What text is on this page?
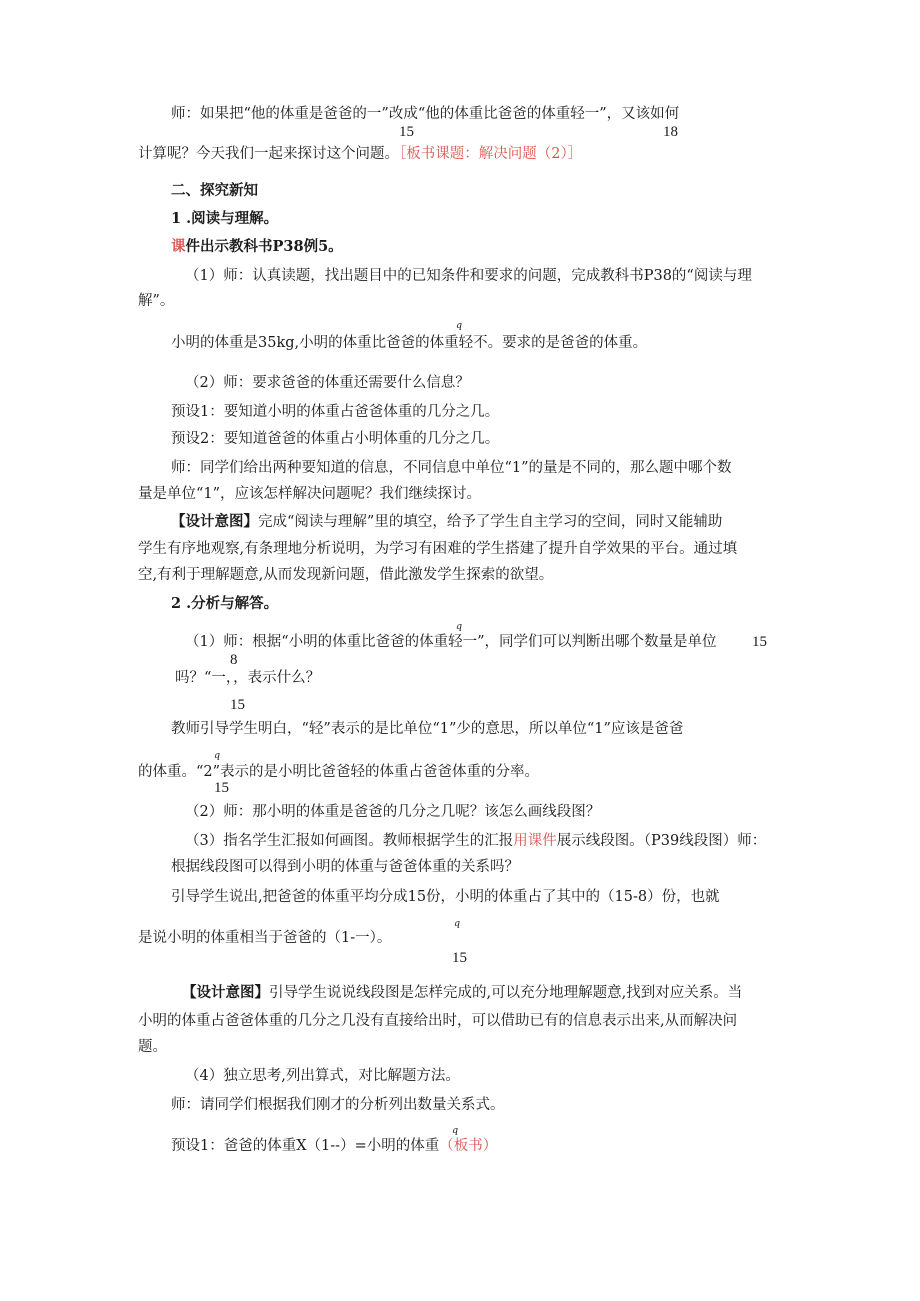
师：如果把“他的体重是爸爸的一”改成“他的体重比爸爸的体重轻一”，又该如何
15	18
计算呢？今天我们一起来探讨这个问题。［板书课题：解决问题（2）］
二、探究新知
1 .阅读与理解。
课件出示教科书P38例5。
（1）师：认真读题，找出题目中的已知条件和要求的问题，完成教科书P38的“阅读与理
解”。
q
小明的体重是35kg,小明的体重比爸爸的体重轻不。要求的是爸爸的体重。
（2）师：要求爸爸的体重还需要什么信息？
预设1：要知道小明的体重占爸爸体重的几分之几。
预设2：要知道爸爸的体重占小明体重的几分之几。
师：同学们给出两种要知道的信息，不同信息中单位“1”的量是不同的，那么题中哪个数
量是单位“1”，应该怎样解决问题呢？我们继续探讨。
【设计意图】完成“阅读与理解”里的填空，给予了学生自主学习的空间，同时又能辅助
学生有序地观察,有条理地分析说明，为学习有困难的学生搭建了提升自学效果的平台。通过填
空,有利于理解题意,从而发现新问题，借此激发学生探索的欲望。
2 .分析与解答。
q
（1）师：根据“小明的体重比爸爸的体重轻一”，同学们可以判断出哪个数量是单位 15
8
吗？“一，，表示什么？
15
教师引导学生明白，“轻”表示的是比单位“1”少的意思，所以单位“1”应该是爸爸
q
的体重。“2”表示的是小明比爸爸轻的体重占爸爸体重的分率。
15
（2）师：那小明的体重是爸爸的几分之几呢？该怎么画线段图？
（3）指名学生汇报如何画图。教师根据学生的汇报用课件展示线段图。（P39线段图）师：
根据线段图可以得到小明的体重与爸爸体重的关系吗？
引导学生说出,把爸爸的体重平均分成15份，小明的体重占了其中的（15-8）份，也就
q
是说小明的体重相当于爸爸的（1-一）。
15
【设计意图】引导学生说说线段图是怎样完成的,可以充分地理解题意,找到对应关系。当
小明的体重占爸爸体重的几分之几没有直接给出时，可以借助已有的信息表示出来,从而解决问
题。
（4）独立思考,列出算式，对比解题方法。
师：请同学们根据我们刚才的分析列出数量关系式。
q
预设1：爸爸的体重X（1--）=小明的体重（板书）
